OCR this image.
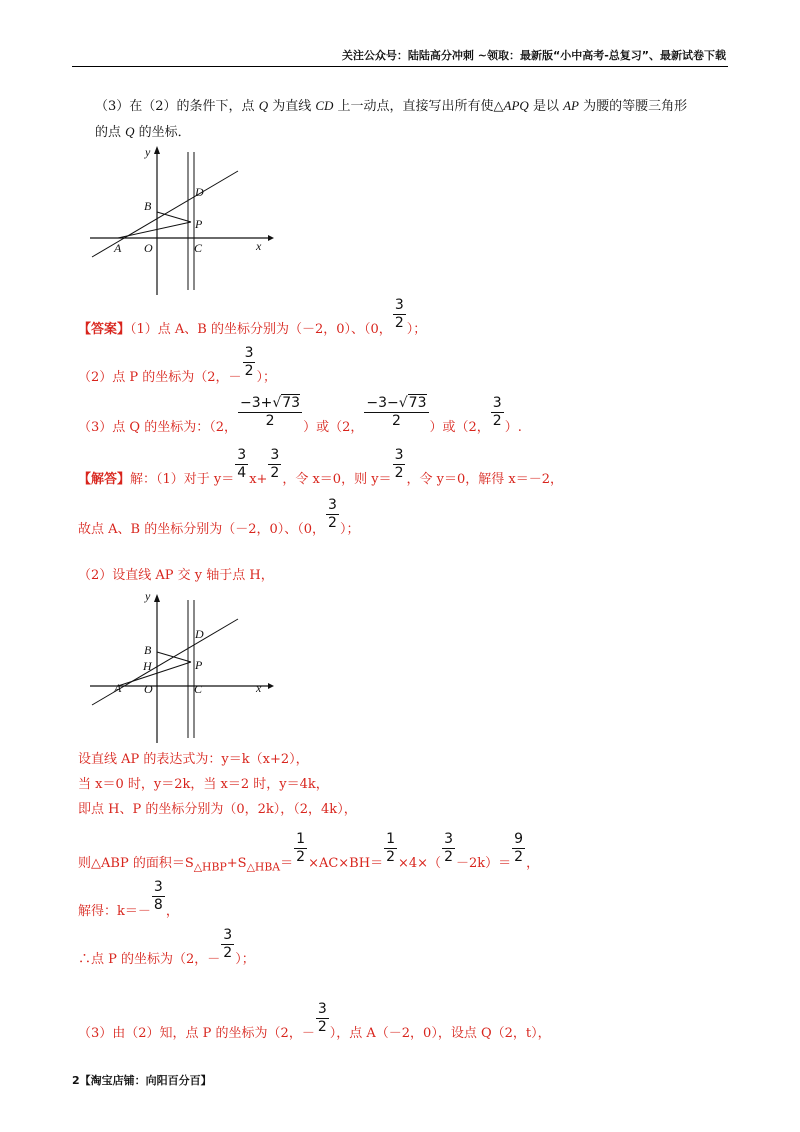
关注公众号：陆陆高分冲刺 ~领取：最新版“小中高考-总复习”、最新试卷下载
（3）在（2）的条件下，点 Q 为直线 CD 上一动点，直接写出所有使△APQ 是以 AP 为腰的等腰三角形
的点 Q 的坐标．
y
x
A
B
O	C
D
P
【答案】（1）点 A、B 的坐标分别为（－2，0）、（0， $\frac{3}{2}$ ）；
（2）点 P 的坐标为（2，－ $\frac{3}{2}$ ）；
（3）点 Q 的坐标为：（2， $\frac{-3+√73}{2}$ ）或（2， $\frac{-3-√73}{2}$ ）或（2， $\frac{3}{2}$ ）.
【解答】解：（1）对于 $y= \frac{3}{4} x+ \frac{3}{2}$ ，令 x＝0，则 $y= \frac{3}{2}$ ，令 y＝0，解得 x＝－2，
故点 A、B 的坐标分别为（－2，0）、（0， $\frac{3}{2}$ ）；
（2）设直线 AP 交 y 轴于点 H，
y
x
A
B
H
O	C
D
P
设直线 AP 的表达式为：y＝k（x+2），
当 x＝0 时，y＝2k，当 x＝2 时，y＝4k，
即点 H、P 的坐标分别为（0，2k），（2，4k），
则△ABP 的面积$=S_{\triangle HBP}+S_{\triangle HBA}= \frac{1}{2} \times AC\times BH= \frac{1}{2} \times 4\times( \frac{3}{2} -2k)= \frac{9}{2}$ ，
解得：$k=- \frac{3}{8}$ ，
∴点 P 的坐标为（2，－ $\frac{3}{2}$ ）；
（3）由（2）知，点 P 的坐标为（2，－ $\frac{3}{2}$ ），点 A（－2，0），设点 Q（2，t），
2【淘宝店铺：向阳百分百】
